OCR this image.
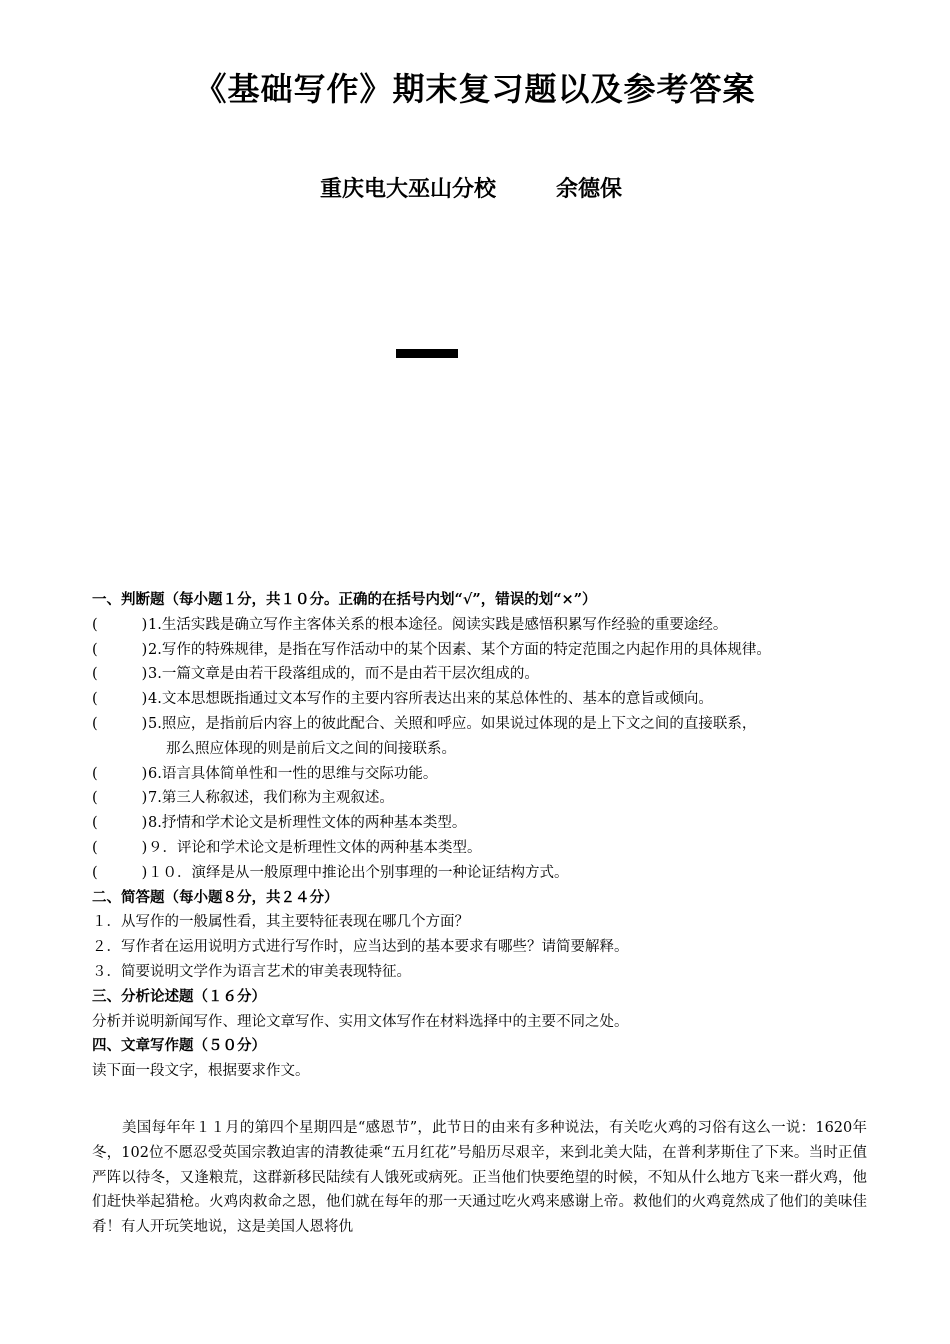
《基础写作》期末复习题以及参考答案
重庆电大巫山分校	余德保
一、判断题（每小题１分，共１０分。正确的在括号内划“√”，错误的划“×”）
(	)1.生活实践是确立写作主客体关系的根本途径。阅读实践是感悟积累写作经验的重要途经。
(	)2.写作的特殊规律，是指在写作活动中的某个因素、某个方面的特定范围之内起作用的具体规律。
(	)3.一篇文章是由若干段落组成的，而不是由若干层次组成的。
(	)4.文本思想既指通过文本写作的主要内容所表达出来的某总体性的、基本的意旨或倾向。
(	)5.照应，是指前后内容上的彼此配合、关照和呼应。如果说过体现的是上下文之间的直接联系，
那么照应体现的则是前后文之间的间接联系。
(	)6.语言具体简单性和一性的思维与交际功能。
(	)7.第三人称叙述，我们称为主观叙述。
(	)8.抒情和学术论文是析理性文体的两种基本类型。
(	)９．评论和学术论文是析理性文体的两种基本类型。
(	)１０．演绎是从一般原理中推论出个别事理的一种论证结构方式。
二、简答题（每小题８分，共２４分）
１．从写作的一般属性看，其主要特征表现在哪几个方面？
２．写作者在运用说明方式进行写作时，应当达到的基本要求有哪些？请简要解释。
３．简要说明文学作为语言艺术的审美表现特征。
三、分析论述题（１６分）
分析并说明新闻写作、理论文章写作、实用文体写作在材料选择中的主要不同之处。
四、文章写作题（５０分）
读下面一段文字，根据要求作文。
美国每年年１１月的第四个星期四是“感恩节”，此节日的由来有多种说法，有关吃火鸡的习俗有这么一说：1620年冬，102位不愿忍受英国宗教迫害的清教徒乘“五月红花”号船历尽艰辛，来到北美大陆，在普利茅斯住了下来。当时正值严阵以待冬，又逢粮荒，这群新移民陆续有人饿死或病死。正当他们快要绝望的时候，不知从什么地方飞来一群火鸡，他们赶快举起猎枪。火鸡肉救命之恩，他们就在每年的那一天通过吃火鸡来感谢上帝。救他们的火鸡竟然成了他们的美味佳肴！有人开玩笑地说，这是美国人恩将仇
